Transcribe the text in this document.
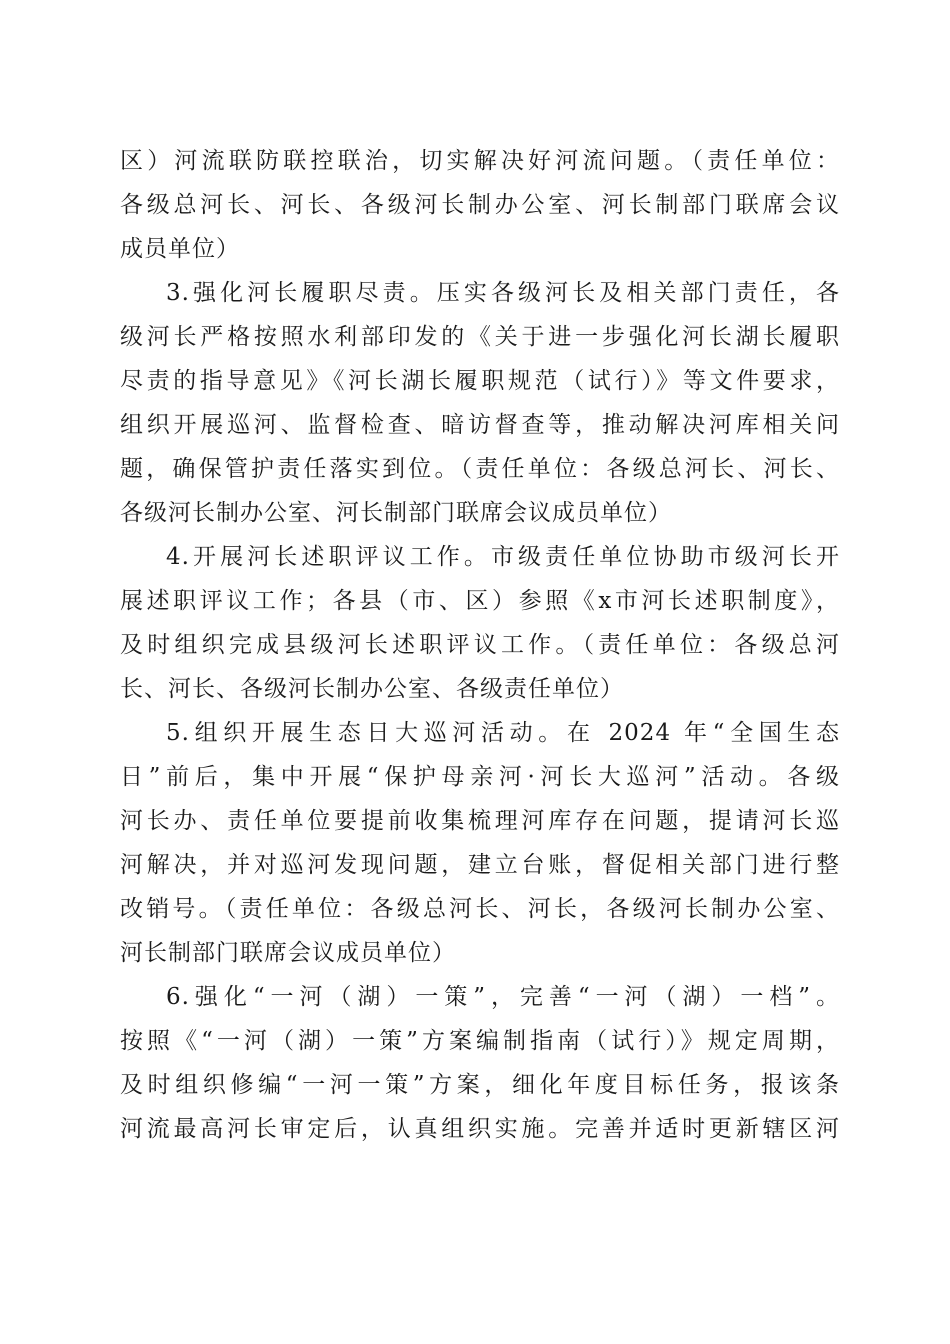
区）河流联防联控联治，切实解决好河流问题。（责任单位：
各级总河长、河长、各级河长制办公室、河长制部门联席会议
成员单位）
3.强化河长履职尽责。压实各级河长及相关部门责任，各
级河长严格按照水利部印发的《关于进一步强化河长湖长履职
尽责的指导意见》《河长湖长履职规范（试行）》等文件要求，
组织开展巡河、监督检查、暗访督查等，推动解决河库相关问
题，确保管护责任落实到位。（责任单位：各级总河长、河长、
各级河长制办公室、河长制部门联席会议成员单位）
4.开展河长述职评议工作。市级责任单位协助市级河长开
展述职评议工作；各县（市、区）参照《x市河长述职制度》，
及时组织完成县级河长述职评议工作。（责任单位：各级总河
长、河长、各级河长制办公室、各级责任单位）
5.组织开展生态日大巡河活动。在 2024 年“全国生态
日”前后，集中开展“保护母亲河·河长大巡河”活动。各级
河长办、责任单位要提前收集梳理河库存在问题，提请河长巡
河解决，并对巡河发现问题，建立台账，督促相关部门进行整
改销号。（责任单位：各级总河长、河长，各级河长制办公室、
河长制部门联席会议成员单位）
6.强化“一河（湖）一策”，完善“一河（湖）一档”。
按照《“一河（湖）一策”方案编制指南（试行）》规定周期，
及时组织修编“一河一策”方案，细化年度目标任务，报该条
河流最高河长审定后，认真组织实施。完善并适时更新辖区河
